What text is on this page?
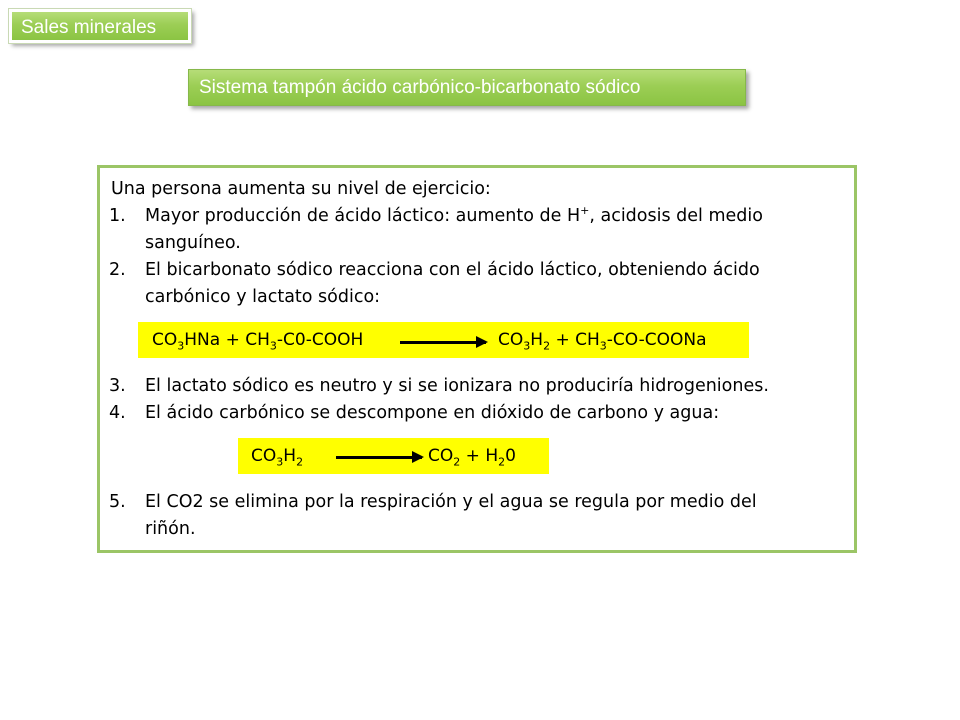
Sales minerales
Sistema tampón ácido carbónico-bicarbonato sódico
Una persona aumenta su nivel de ejercicio:
1. Mayor producción de ácido láctico: aumento de H+, acidosis del medio
sanguíneo.
2. El bicarbonato sódico reacciona con el ácido láctico, obteniendo ácido
carbónico y lactato sódico:
3. El lactato sódico es neutro y si se ionizara no produciría hidrogeniones.
4. El ácido carbónico se descompone en dióxido de carbono y agua:
5. El CO2 se elimina por la respiración y el agua se regula por medio del
riñón.
$CO_3HNa$ + $CH_3-C0$-COOH	$CO_3H_2$ + $CH_3-CO$-COONa
$CO_3H_2$	$CO_2 + H_20$
